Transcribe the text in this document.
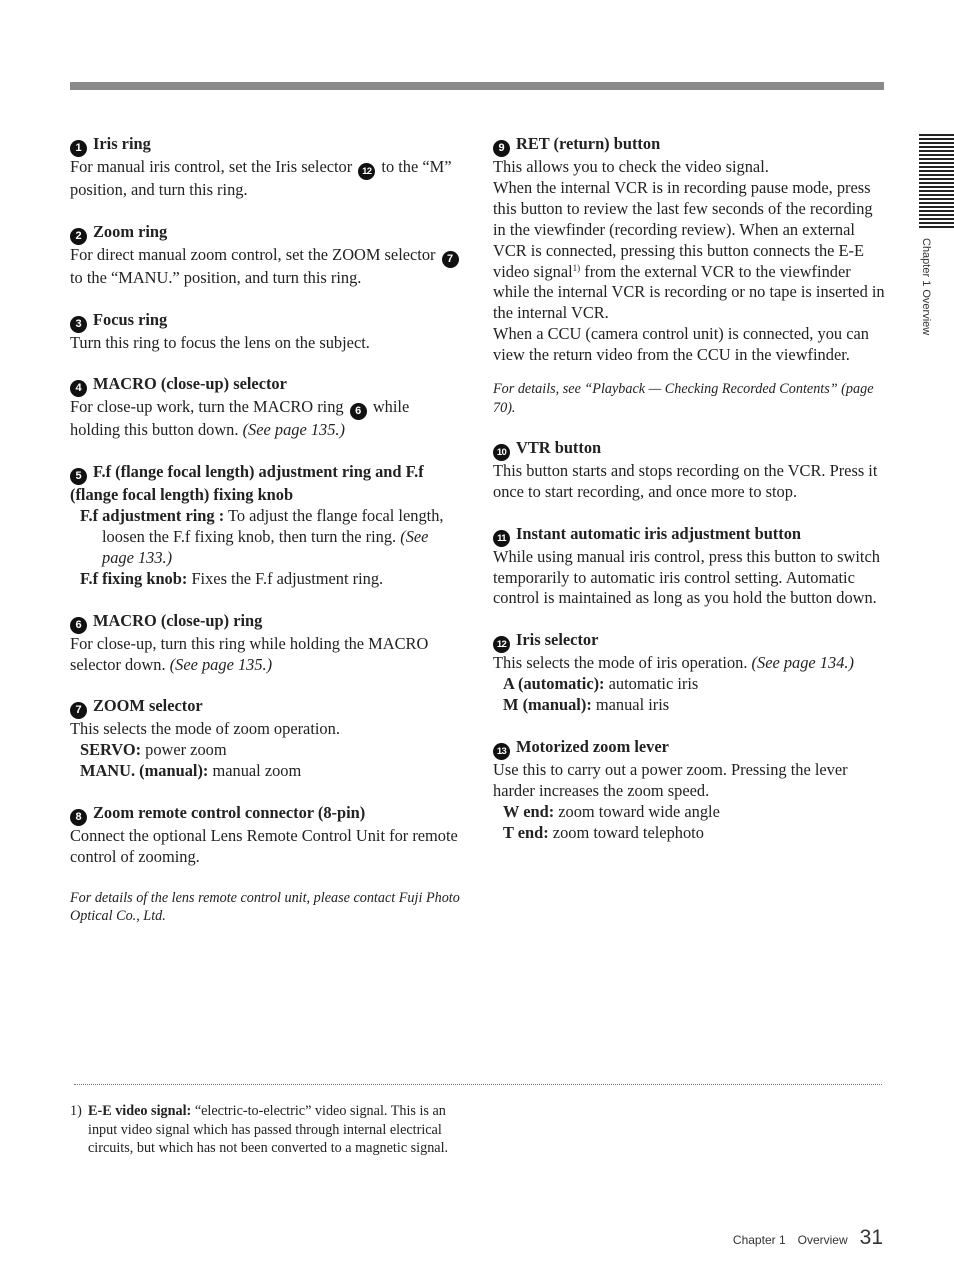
Chapter 1 Overview
1 Iris ring
For manual iris control, set the Iris selector 12 to the “M” position, and turn this ring.
2 Zoom ring
For direct manual zoom control, set the ZOOM selector 7 to the “MANU.” position, and turn this ring.
3 Focus ring
Turn this ring to focus the lens on the subject.
4 MACRO (close-up) selector
For close-up work, turn the MACRO ring 6 while holding this button down. (See page 135.)
5 F.f (flange focal length) adjustment ring and F.f (flange focal length) fixing knob
F.f adjustment ring : To adjust the flange focal length, loosen the F.f fixing knob, then turn the ring. (See page 133.)
F.f fixing knob: Fixes the F.f adjustment ring.
6 MACRO (close-up) ring
For close-up, turn this ring while holding the MACRO selector down. (See page 135.)
7 ZOOM selector
This selects the mode of zoom operation.
SERVO: power zoom
MANU. (manual): manual zoom
8 Zoom remote control connector (8-pin)
Connect the optional Lens Remote Control Unit for remote control of zooming.
For details of the lens remote control unit, please contact Fuji Photo Optical Co., Ltd.
9 RET (return) button
This allows you to check the video signal.
When the internal VCR is in recording pause mode, press this button to review the last few seconds of the recording in the viewfinder (recording review). When an external VCR is connected, pressing this button connects the E-E video signal$^{1)}$ from the external VCR to the viewfinder while the internal VCR is recording or no tape is inserted in the internal VCR.
When a CCU (camera control unit) is connected, you can view the return video from the CCU in the viewfinder.
For details, see “Playback — Checking Recorded Contents” (page 70).
10 VTR button
This button starts and stops recording on the VCR. Press it once to start recording, and once more to stop.
11 Instant automatic iris adjustment button
While using manual iris control, press this button to switch temporarily to automatic iris control setting. Automatic control is maintained as long as you hold the button down.
12 Iris selector
This selects the mode of iris operation. (See page 134.)
A (automatic): automatic iris
M (manual): manual iris
13 Motorized zoom lever
Use this to carry out a power zoom. Pressing the lever harder increases the zoom speed.
W end: zoom toward wide angle
T end: zoom toward telephoto
1) E-E video signal: “electric-to-electric” video signal. This is an input video signal which has passed through internal electrical circuits, but which has not been converted to a magnetic signal.
Chapter 1 Overview 31
